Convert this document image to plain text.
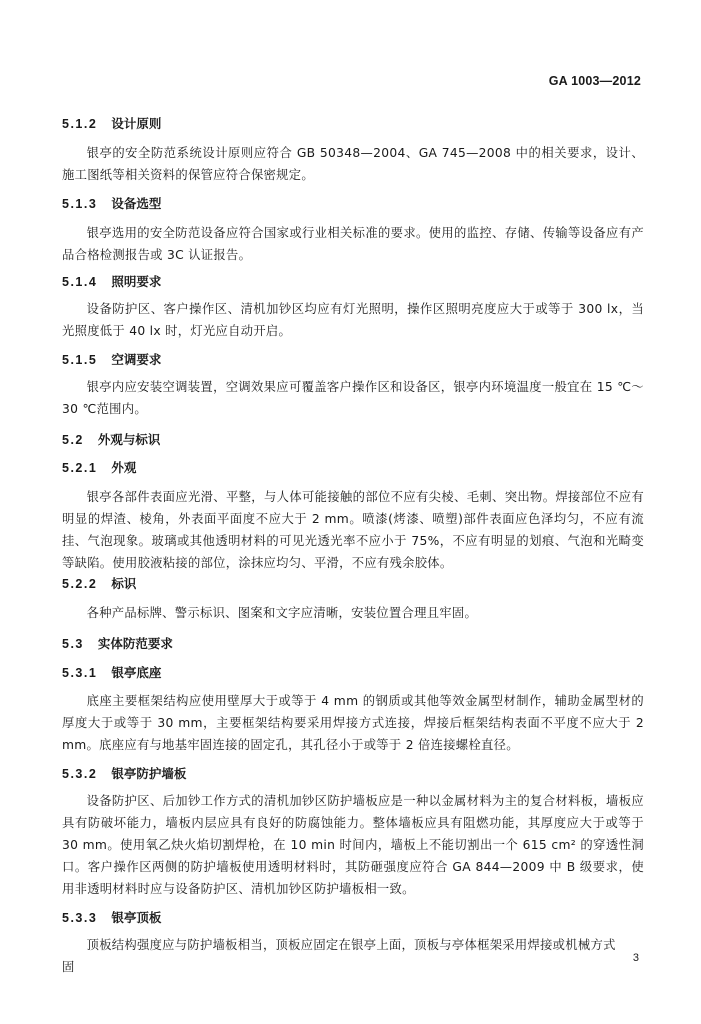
GA 1003—2012
5.1.2 设计原则
银亭的安全防范系统设计原则应符合 GB 50348—2004、GA 745—2008 中的相关要求，设计、施工图纸等相关资料的保管应符合保密规定。
5.1.3 设备选型
银亭选用的安全防范设备应符合国家或行业相关标准的要求。使用的监控、存储、传输等设备应有产品合格检测报告或 3C 认证报告。
5.1.4 照明要求
设备防护区、客户操作区、清机加钞区均应有灯光照明，操作区照明亮度应大于或等于 300 lx，当光照度低于 40 lx 时，灯光应自动开启。
5.1.5 空调要求
银亭内应安装空调装置，空调效果应可覆盖客户操作区和设备区，银亭内环境温度一般宜在 15 ℃～30 ℃范围内。
5.2 外观与标识
5.2.1 外观
银亭各部件表面应光滑、平整，与人体可能接触的部位不应有尖棱、毛刺、突出物。焊接部位不应有明显的焊渣、棱角，外表面平面度不应大于 2 mm。喷漆(烤漆、喷塑)部件表面应色泽均匀，不应有流挂、气泡现象。玻璃或其他透明材料的可见光透光率不应小于 75%，不应有明显的划痕、气泡和光畸变等缺陷。使用胶液粘接的部位，涂抹应均匀、平滑，不应有残余胶体。
5.2.2 标识
各种产品标牌、警示标识、图案和文字应清晰，安装位置合理且牢固。
5.3 实体防范要求
5.3.1 银亭底座
底座主要框架结构应使用壁厚大于或等于 4 mm 的钢质或其他等效金属型材制作，辅助金属型材的厚度大于或等于 30 mm，主要框架结构要采用焊接方式连接，焊接后框架结构表面不平度不应大于 2 mm。底座应有与地基牢固连接的固定孔，其孔径小于或等于 2 倍连接螺栓直径。
5.3.2 银亭防护墙板
设备防护区、后加钞工作方式的清机加钞区防护墙板应是一种以金属材料为主的复合材料板，墙板应具有防破坏能力，墙板内层应具有良好的防腐蚀能力。整体墙板应具有阻燃功能，其厚度应大于或等于 30 mm。使用氧乙炔火焰切割焊枪，在 10 min 时间内，墙板上不能切割出一个 615 cm² 的穿透性洞口。客户操作区两侧的防护墙板使用透明材料时，其防砸强度应符合 GA 844—2009 中 B 级要求，使用非透明材料时应与设备防护区、清机加钞区防护墙板相一致。
5.3.3 银亭顶板
顶板结构强度应与防护墙板相当，顶板应固定在银亭上面，顶板与亭体框架采用焊接或机械方式固
3
